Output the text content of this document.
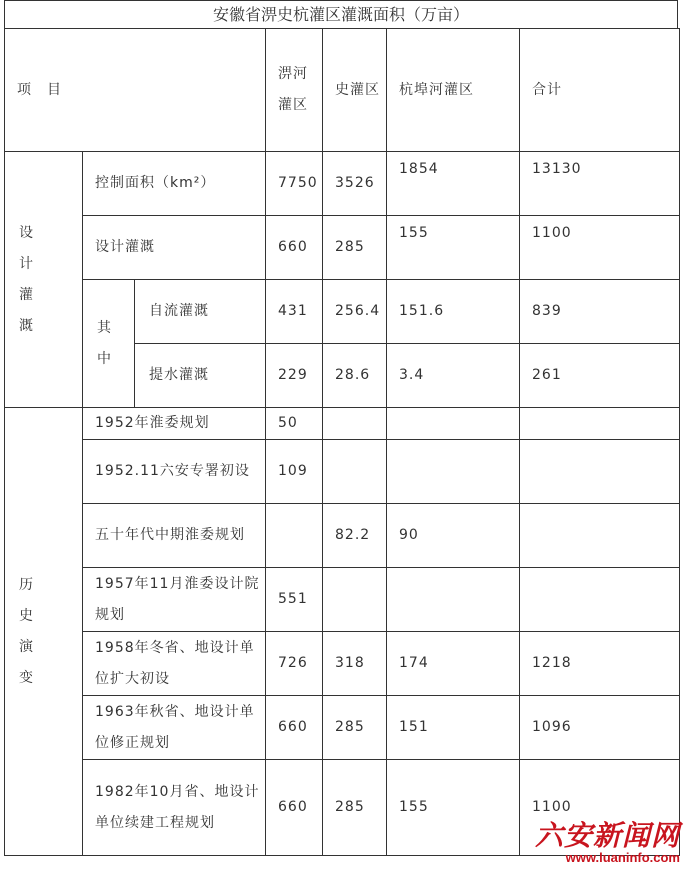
安徽省淠史杭灌区灌溉面积（万亩）
项　目			淠河灌区	史灌区	杭埠河灌区	合计

设计灌溉	控制面积（km²）		7750	3526	1854	13130
	设计灌溉		660	285	155	1100

	其中	自流灌溉	431	256.4	151.6	839
		提水灌溉	229	28.6	3.4	261

历史演变	1952年淮委规划		50			
	1952.11六安专署初设		109			
	五十年代中期淮委规划			82.2	90	
	1957年11月淮委设计院规划		551			
	1958年冬省、地设计单位扩大初设		726	318	174	1218
	1963年秋省、地设计单位修正规划		660	285	151	1096
	1982年10月省、地设计单位续建工程规划		660	285	155	1100
六安新闻网
www.luaninfo.com
